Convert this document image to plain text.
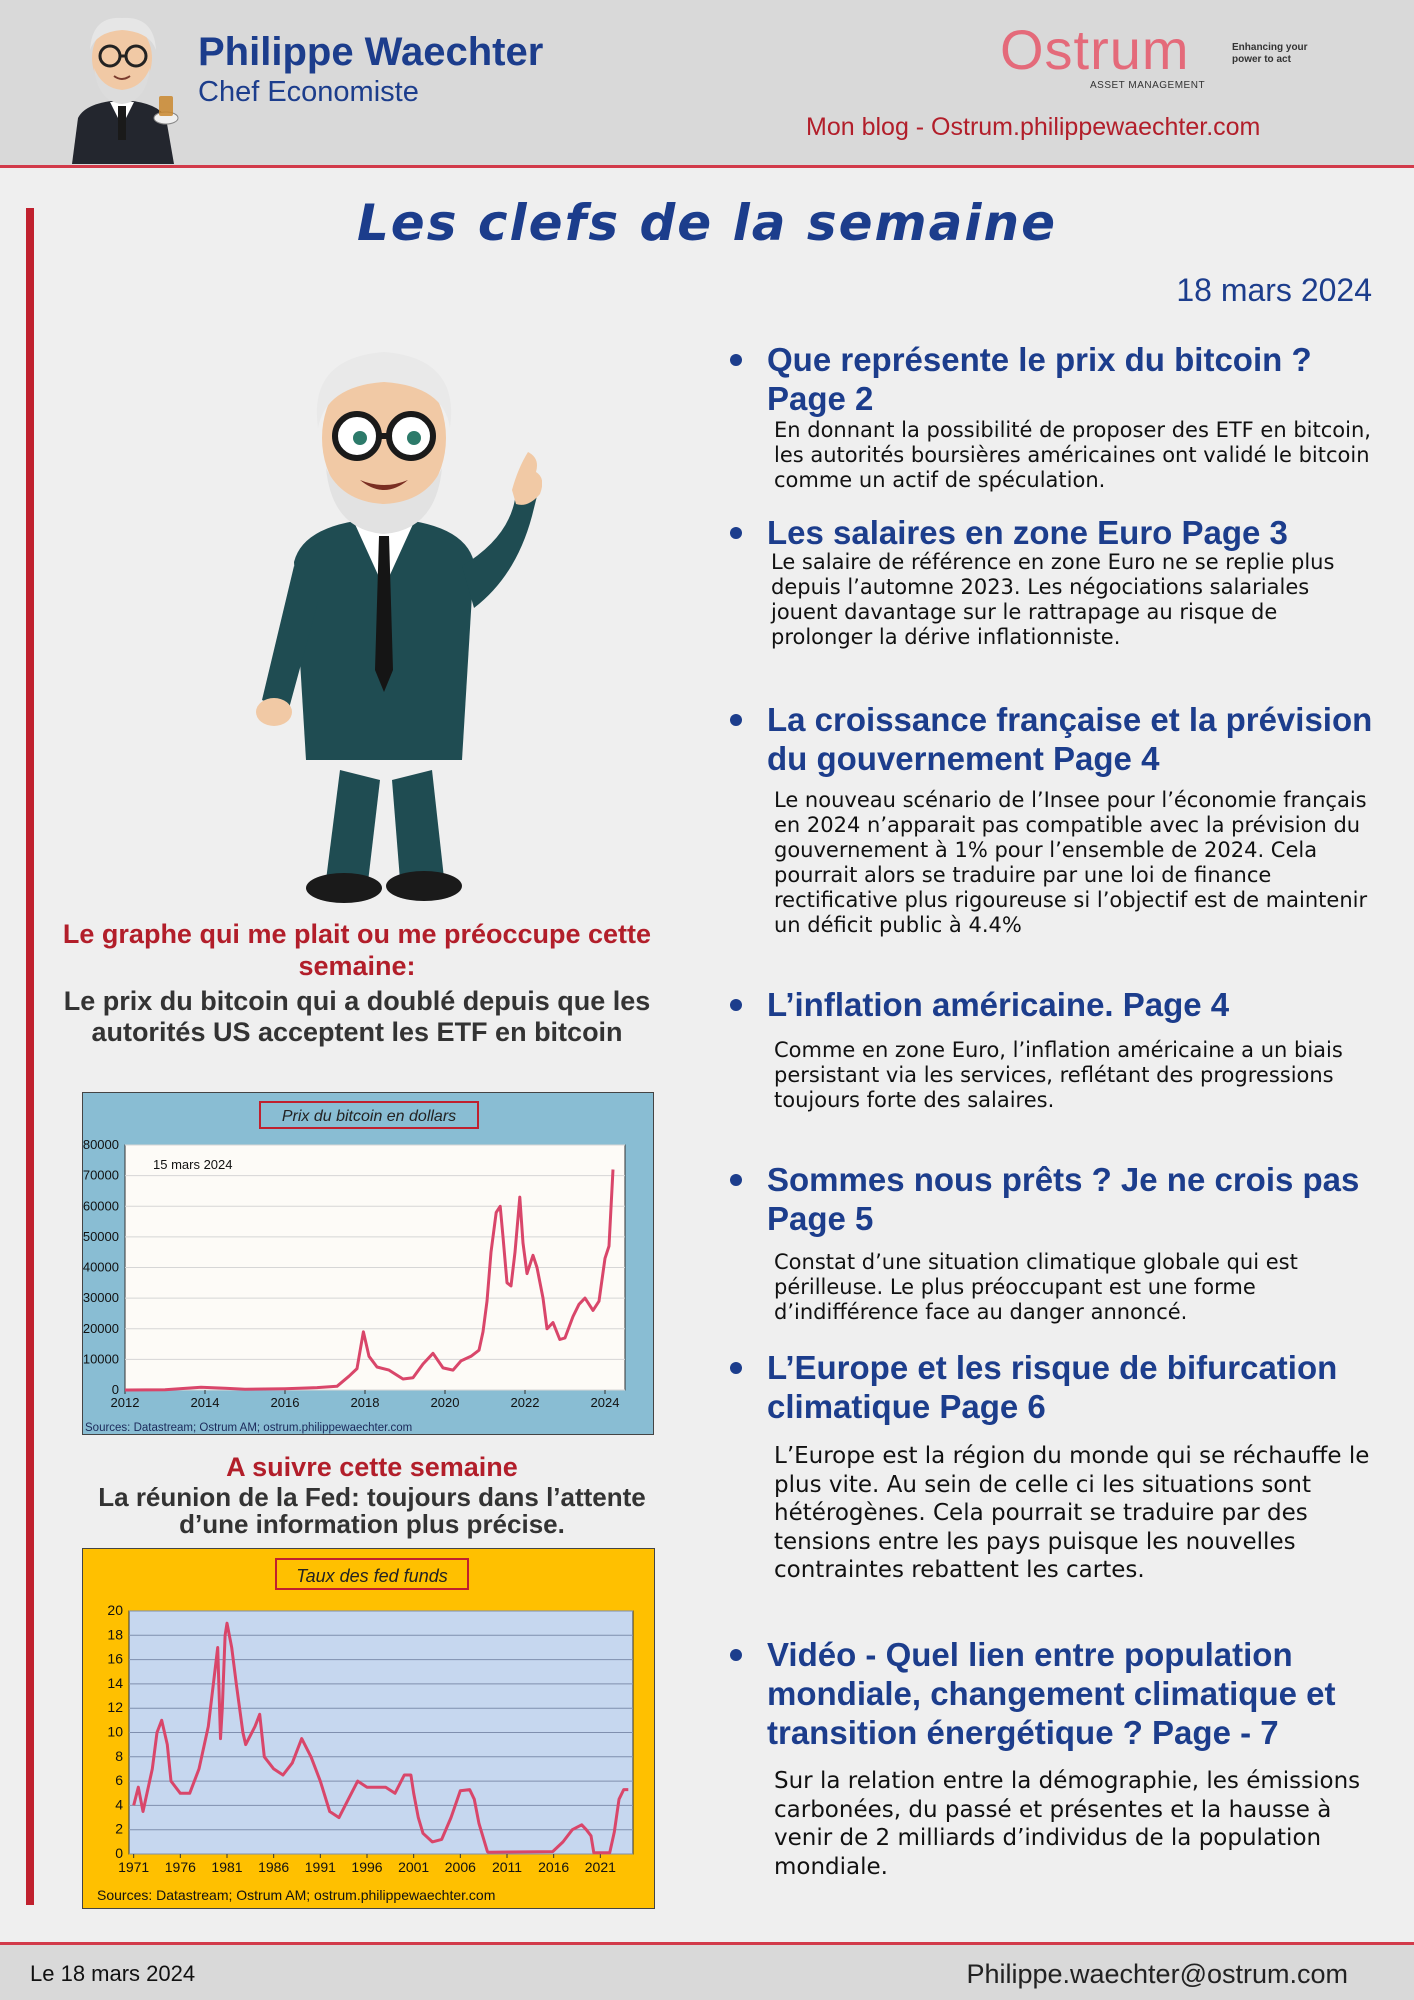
Philippe Waechter
Chef Economiste
Ostrum
ASSET MANAGEMENT
Enhancing your power to act
Mon blog - Ostrum.philippewaechter.com
Les clefs de la semaine
18 mars 2024
Le graphe qui me plait ou me préoccupe cette semaine:
Le prix du bitcoin qui a doublé depuis que les autorités US acceptent les ETF en bitcoin
Prix du bitcoin en dollars
0
10000
20000
30000
40000
50000
60000
70000
80000
2012	2014	2016	2018	2020	2022	2024
15 mars 2024
Sources: Datastream; Ostrum AM; ostrum.philippewaechter.com
A suivre cette semaine
La réunion de la Fed: toujours dans l’attente d’une information plus précise.
Taux des fed funds
0
2
4
6
8
10
12
14
16
18
20
1971 1976 1981 1986 1991 1996 2001 2006 2011 2016 2021
Sources: Datastream; Ostrum AM; ostrum.philippewaechter.com
Que représente le prix du bitcoin ? Page 2
En donnant la possibilité de proposer des ETF en bitcoin, les autorités boursières américaines ont validé le bitcoin comme un actif de spéculation.
Les salaires en zone Euro Page 3
Le salaire de référence en zone Euro ne se replie plus depuis l’automne 2023. Les négociations salariales jouent davantage sur le rattrapage au risque de prolonger la dérive inflationniste.
La croissance française et la prévision du gouvernement Page 4
Le nouveau scénario de l’Insee pour l’économie français en 2024 n’apparait pas compatible avec la prévision du gouvernement à 1% pour l’ensemble de 2024. Cela pourrait alors se traduire par une loi de finance rectificative plus rigoureuse si l’objectif est de maintenir un déficit public à 4.4%
L’inflation américaine. Page 4
Comme en zone Euro, l’inflation américaine a un biais persistant via les services, reflétant des progressions toujours forte des salaires.
Sommes nous prêts ? Je ne crois pas Page 5
Constat d’une situation climatique globale qui est périlleuse. Le plus préoccupant est une forme d’indifférence face au danger annoncé.
L’Europe et les risque de bifurcation climatique Page 6
L’Europe est la région du monde qui se réchauffe le plus vite. Au sein de celle ci les situations sont hétérogènes. Cela pourrait se traduire par des tensions entre les pays puisque les nouvelles contraintes rebattent les cartes.
Vidéo - Quel lien entre population mondiale, changement climatique et transition énergétique ? Page - 7
Sur la relation entre la démographie, les émissions carbonées, du passé et présentes et la hausse à venir de 2 milliards d’individus de la population mondiale.
Le 18 mars 2024	Philippe.waechter@ostrum.com
